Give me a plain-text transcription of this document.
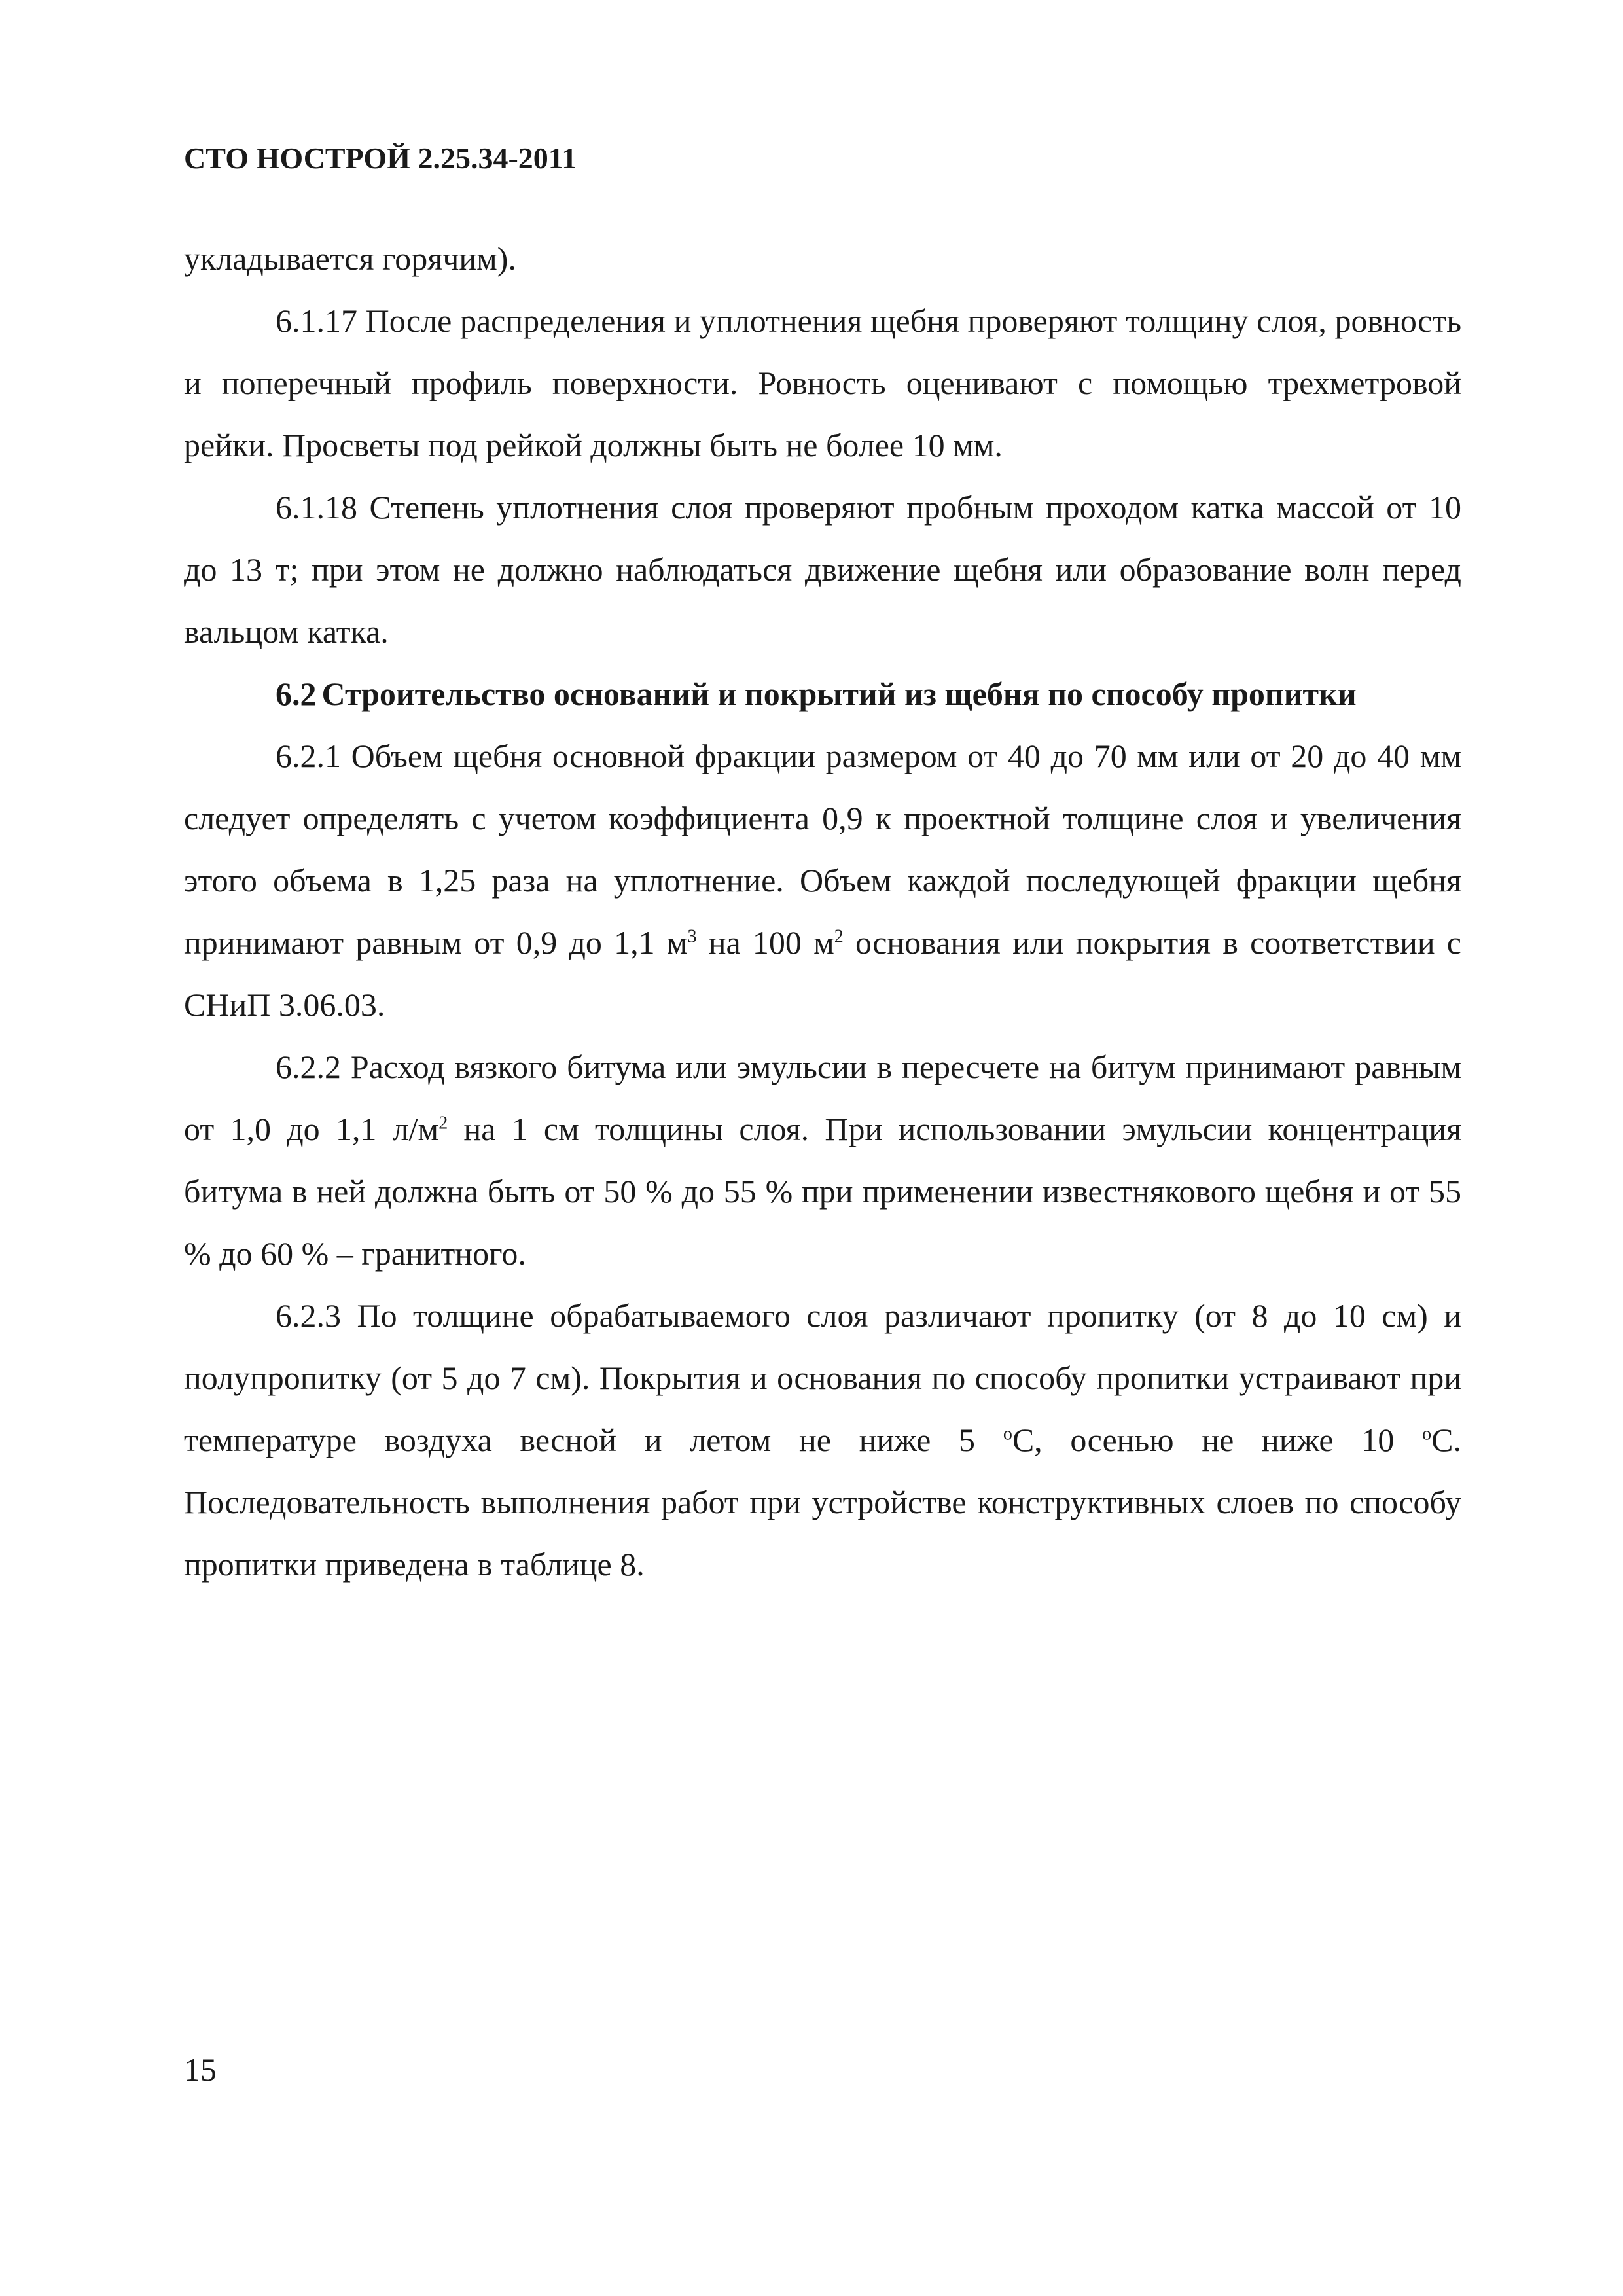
СТО НОСТРОЙ 2.25.34-2011

укладывается горячим).

6.1.17 После распределения и уплотнения щебня проверяют толщину слоя, ровность и поперечный профиль поверхности. Ровность оценивают с помощью трехметровой рейки. Просветы под рейкой должны быть не более 10 мм.

6.1.18 Степень уплотнения слоя проверяют пробным проходом катка массой от 10 до 13 т; при этом не должно наблюдаться движение щебня или образование волн перед вальцом катка.

6.2 Строительство оснований и покрытий из щебня по способу пропитки

6.2.1 Объем щебня основной фракции размером от 40 до 70 мм или от 20 до 40 мм следует определять с учетом коэффициента 0,9 к проектной толщине слоя и увеличения этого объема в 1,25 раза на уплотнение. Объем каждой последующей фракции щебня принимают равным от 0,9 до 1,1 $м^3$ на 100 $м^2$ основания или покрытия в соответствии с СНиП 3.06.03.

6.2.2 Расход вязкого битума или эмульсии в пересчете на битум принимают равным от 1,0 до 1,1 $л/м^2$ на 1 см толщины слоя. При использовании эмульсии концентрация битума в ней должна быть от 50 % до 55 % при применении известнякового щебня и от 55 % до 60 % – гранитного.

6.2.3 По толщине обрабатываемого слоя различают пропитку (от 8 до 10 см) и полупропитку (от 5 до 7 см). Покрытия и основания по способу пропитки устраивают при температуре воздуха весной и летом не ниже 5 $^о$С, осенью не ниже 10 $^о$С. Последовательность выполнения работ при устройстве конструктивных слоев по способу пропитки приведена в таблице 8.

15
